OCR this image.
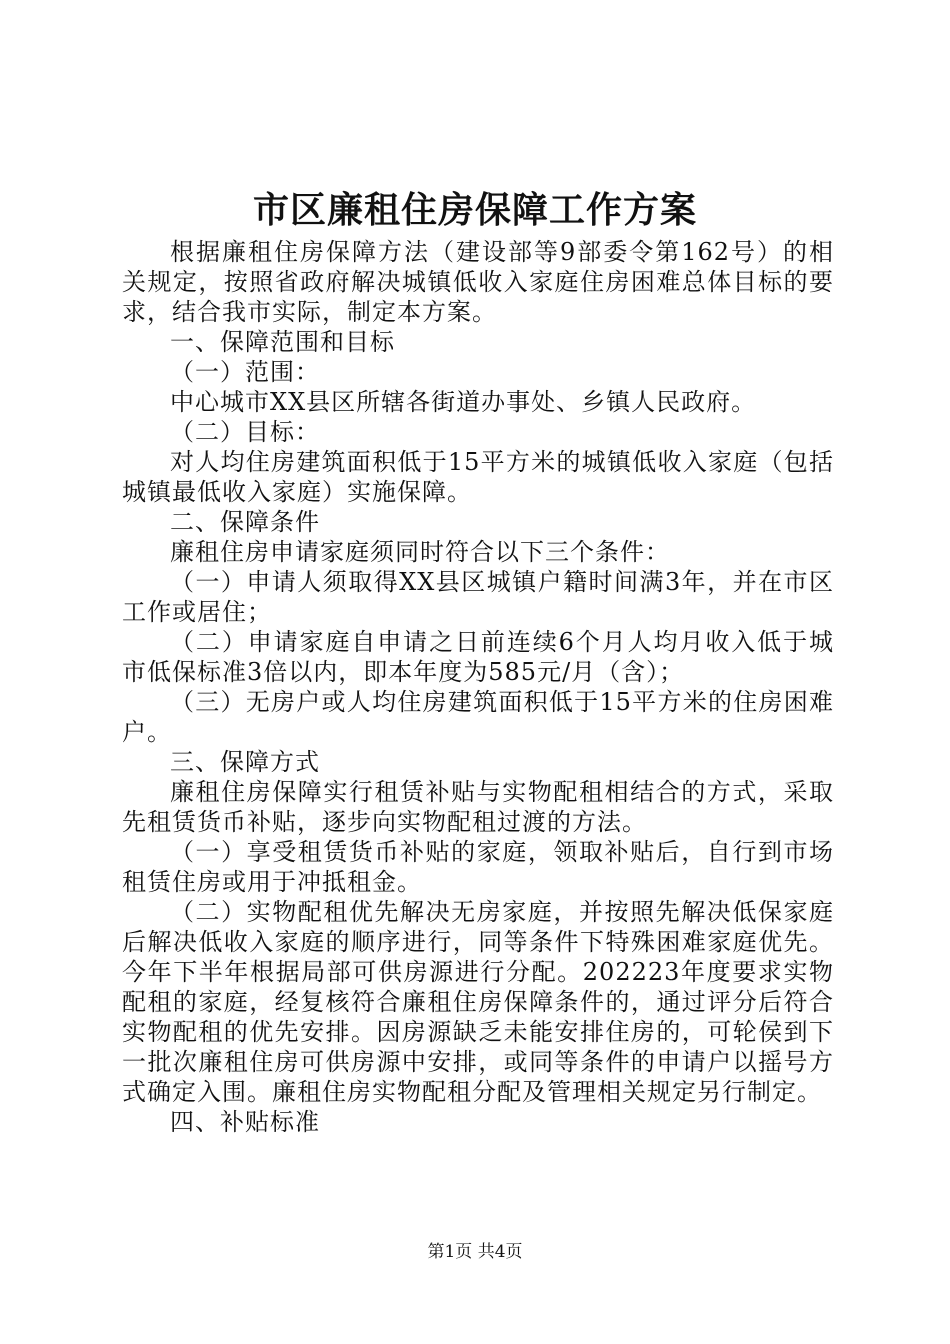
市区廉租住房保障工作方案

根据廉租住房保障方法（建设部等9部委令第162号）的相关规定，按照省政府解决城镇低收入家庭住房困难总体目标的要求，结合我市实际，制定本方案。

一、保障范围和目标

（一）范围：

中心城市XX县区所辖各街道办事处、乡镇人民政府。

（二）目标：

对人均住房建筑面积低于15平方米的城镇低收入家庭（包括城镇最低收入家庭）实施保障。

二、保障条件

廉租住房申请家庭须同时符合以下三个条件：

（一）申请人须取得XX县区城镇户籍时间满3年，并在市区工作或居住；

（二）申请家庭自申请之日前连续6个月人均月收入低于城市低保标准3倍以内，即本年度为585元/月（含）；

（三）无房户或人均住房建筑面积低于15平方米的住房困难户。

三、保障方式

廉租住房保障实行租赁补贴与实物配租相结合的方式，采取先租赁货币补贴，逐步向实物配租过渡的方法。

（一）享受租赁货币补贴的家庭，领取补贴后，自行到市场租赁住房或用于冲抵租金。

（二）实物配租优先解决无房家庭，并按照先解决低保家庭后解决低收入家庭的顺序进行，同等条件下特殊困难家庭优先。今年下半年根据局部可供房源进行分配。202223年度要求实物配租的家庭，经复核符合廉租住房保障条件的，通过评分后符合实物配租的优先安排。因房源缺乏未能安排住房的，可轮侯到下一批次廉租住房可供房源中安排，或同等条件的申请户以摇号方式确定入围。廉租住房实物配租分配及管理相关规定另行制定。

四、补贴标准

第1页 共4页
